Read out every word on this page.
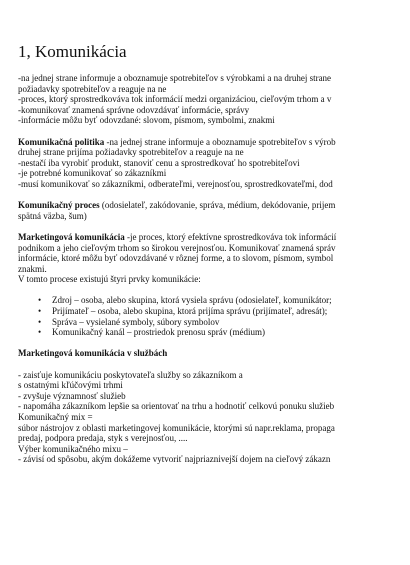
1, Komunikácia
-na jednej strane informuje a oboznamuje spotrebiteľov s výrobkami a na druhej strane
požiadavky spotrebiteľov a reaguje na ne
-proces, ktorý sprostredkováva tok informácií medzi organizáciou, cieľovým trhom a v
-komunikovať znamená správne odovzdávať informácie, správy
-informácie môžu byť odovzdané: slovom, písmom, symbolmi, znakmi
Komunikačná politika -na jednej strane informuje a oboznamuje spotrebiteľov s výrob
druhej strane prijíma požiadavky spotrebiteľov a reaguje na ne
-nestačí iba vyrobiť produkt, stanoviť cenu a sprostredkovať ho spotrebiteľovi
-je potrebné komunikovať so zákazníkmi
-musí komunikovať so zákazníkmi, odberateľmi, verejnosťou, sprostredkovateľmi, dod
Komunikačný proces (odosielateľ, zakódovanie, správa, médium, dekódovanie, prijem
spätná väzba, šum)
Marketingová komunikácia -je proces, ktorý efektívne sprostredkováva tok informácií
podnikom a jeho cieľovým trhom so širokou verejnosťou. Komunikovať znamená správ
informácie, ktoré môžu byť odovzdávané v rôznej forme, a to slovom, písmom, symbol
znakmi.
V tomto procese existujú štyri prvky komunikácie:
• Zdroj – osoba, alebo skupina, ktorá vysiela správu (odosielateľ, komunikátor;
• Prijímateľ – osoba, alebo skupina, ktorá prijíma správu (prijímateľ, adresát);
• Správa – vysielané symboly, súbory symbolov
• Komunikačný kanál – prostriedok prenosu správ (médium)
Marketingová komunikácia v službách
- zaisťuje komunikáciu poskytovateľa služby so zákazníkom a
s ostatnými kľúčovými trhmi
- zvyšuje významnosť služieb
- napomáha zákazníkom lepšie sa orientovať na trhu a hodnotiť celkovú ponuku služieb
Komunikačný mix =
súbor nástrojov z oblasti marketingovej komunikácie, ktorými sú napr.reklama, propaga
predaj, podpora predaja, styk s verejnosťou, ....
Výber komunikačného mixu –
- závisí od spôsobu, akým dokážeme vytvoriť najpriaznivejší dojem na cieľový zákazn
